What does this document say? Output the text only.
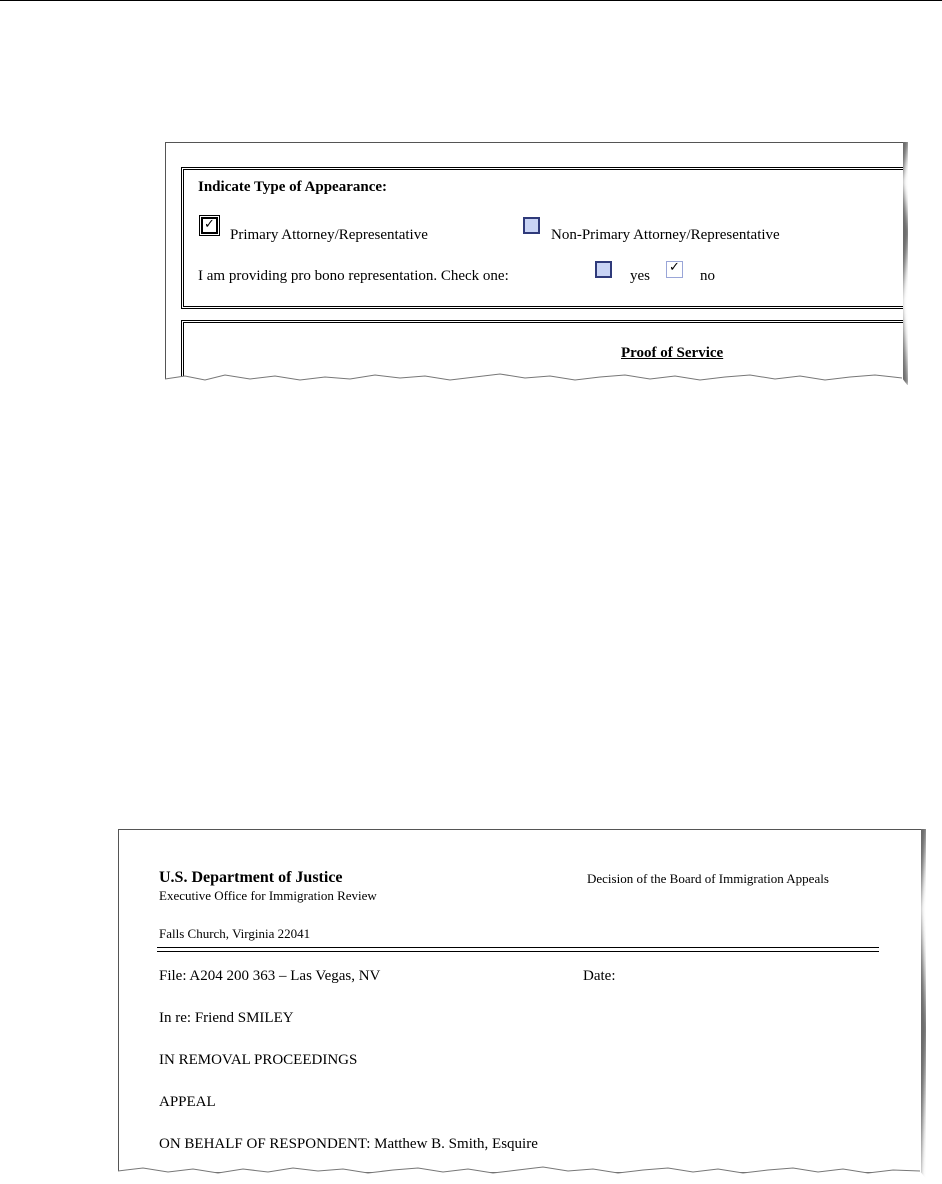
Indicate Type of Appearance:
✓
Primary Attorney/Representative	Non-Primary Attorney/Representative
I am providing pro bono representation. Check one:	yes
✓
no
Proof of Service
U.S. Department of Justice
Executive Office for Immigration Review
Decision of the Board of Immigration Appeals
Falls Church, Virginia 22041
File: A204 200 363 – Las Vegas, NV	Date:
In re: Friend SMILEY
IN REMOVAL PROCEEDINGS
APPEAL
ON BEHALF OF RESPONDENT: Matthew B. Smith, Esquire
